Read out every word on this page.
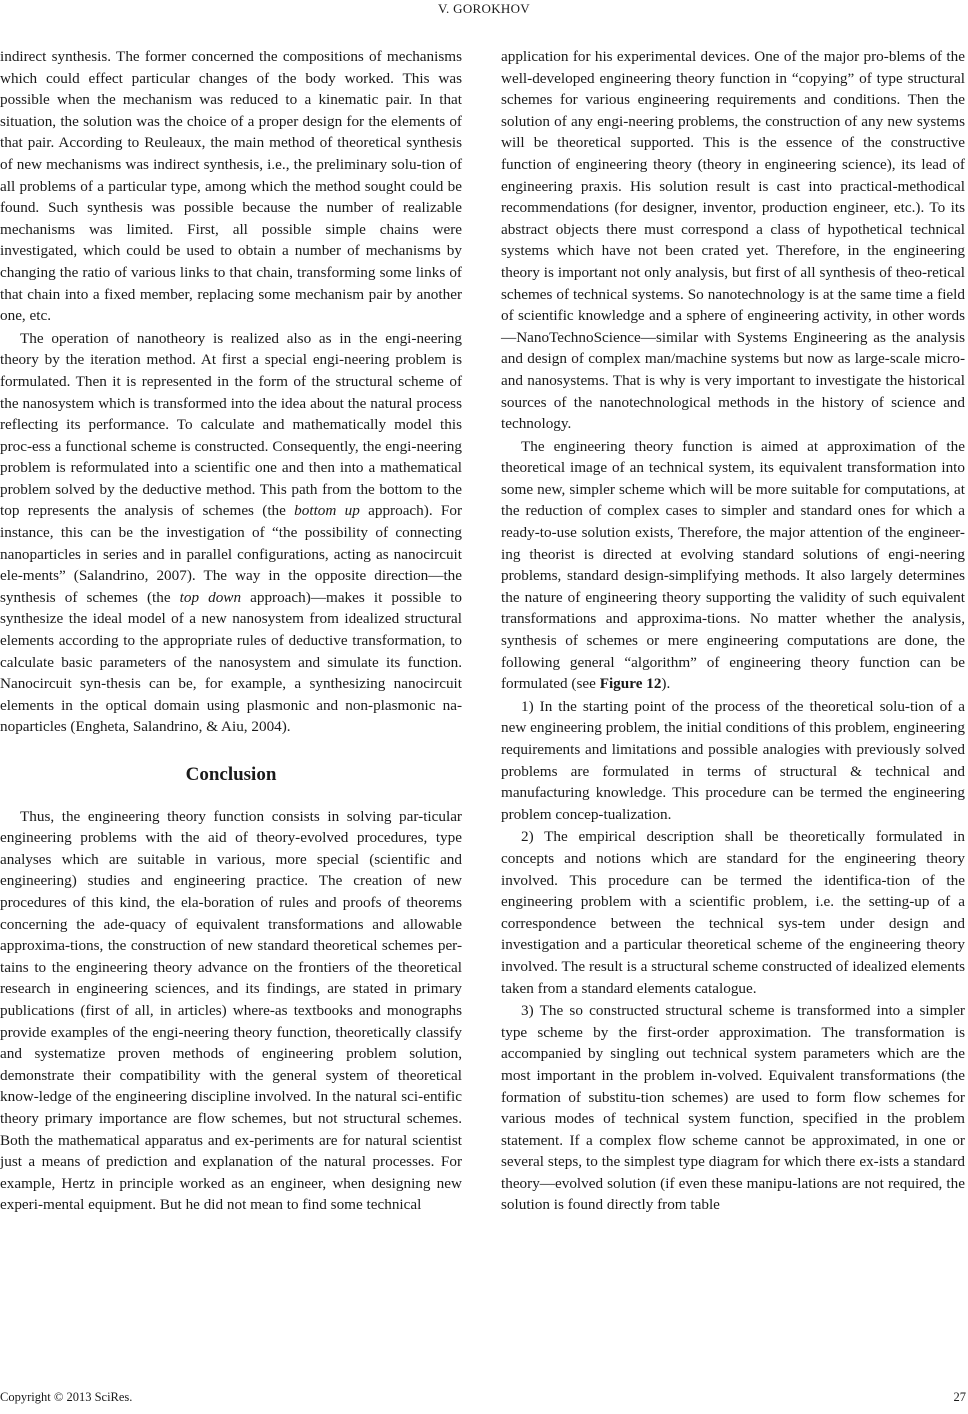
V. GOROKHOV

indirect synthesis. The former concerned the compositions of mechanisms which could effect particular changes of the body worked. This was possible when the mechanism was reduced to a kinematic pair. In that situation, the solution was the choice of a proper design for the elements of that pair. According to Reuleaux, the main method of theoretical synthesis of new mechanisms was indirect synthesis, i.e., the preliminary solu-tion of all problems of a particular type, among which the method sought could be found. Such synthesis was possible because the number of realizable mechanisms was limited. First, all possible simple chains were investigated, which could be used to obtain a number of mechanisms by changing the ratio of various links to that chain, transforming some links of that chain into a fixed member, replacing some mechanism pair by another one, etc.

The operation of nanotheory is realized also as in the engi-neering theory by the iteration method. At first a special engi-neering problem is formulated. Then it is represented in the form of the structural scheme of the nanosystem which is transformed into the idea about the natural process reflecting its performance. To calculate and mathematically model this proc-ess a functional scheme is constructed. Consequently, the engi-neering problem is reformulated into a scientific one and then into a mathematical problem solved by the deductive method. This path from the bottom to the top represents the analysis of schemes (the bottom up approach). For instance, this can be the investigation of “the possibility of connecting nanoparticles in series and in parallel configurations, acting as nanocircuit ele-ments” (Salandrino, 2007). The way in the opposite direction—the synthesis of schemes (the top down approach)—makes it possible to synthesize the ideal model of a new nanosystem from idealized structural elements according to the appropriate rules of deductive transformation, to calculate basic parameters of the nanosystem and simulate its function. Nanocircuit syn-thesis can be, for example, a synthesizing nanocircuit elements in the optical domain using plasmonic and non-plasmonic na-noparticles (Engheta, Salandrino, & Aiu, 2004).

Conclusion

Thus, the engineering theory function consists in solving par-ticular engineering problems with the aid of theory-evolved procedures, type analyses which are suitable in various, more special (scientific and engineering) studies and engineering practice. The creation of new procedures of this kind, the ela-boration of rules and proofs of theorems concerning the ade-quacy of equivalent transformations and allowable approxima-tions, the construction of new standard theoretical schemes per-tains to the engineering theory advance on the frontiers of the theoretical research in engineering sciences, and its findings, are stated in primary publications (first of all, in articles) where-as textbooks and monographs provide examples of the engi-neering theory function, theoretically classify and systematize proven methods of engineering problem solution, demonstrate their compatibility with the general system of theoretical know-ledge of the engineering discipline involved. In the natural sci-entific theory primary importance are flow schemes, but not structural schemes. Both the mathematical apparatus and ex-periments are for natural scientist just a means of prediction and explanation of the natural processes. For example, Hertz in principle worked as an engineer, when designing new experi-mental equipment. But he did not mean to find some technical

application for his experimental devices. One of the major pro-blems of the well-developed engineering theory function in “copying” of type structural schemes for various engineering requirements and conditions. Then the solution of any engi-neering problems, the construction of any new systems will be theoretical supported. This is the essence of the constructive function of engineering theory (theory in engineering science), its lead of engineering praxis. His solution result is cast into practical-methodical recommendations (for designer, inventor, production engineer, etc.). To its abstract objects there must correspond a class of hypothetical technical systems which have not been crated yet. Therefore, in the engineering theory is important not only analysis, but first of all synthesis of theo-retical schemes of technical systems. So nanotechnology is at the same time a field of scientific knowledge and a sphere of engineering activity, in other words—NanoTechnoScience—similar with Systems Engineering as the analysis and design of complex man/machine systems but now as large-scale micro- and nanosystems. That is why is very important to investigate the historical sources of the nanotechnological methods in the history of science and technology.

The engineering theory function is aimed at approximation of the theoretical image of an technical system, its equivalent transformation into some new, simpler scheme which will be more suitable for computations, at the reduction of complex cases to simpler and standard ones for which a ready-to-use solution exists, Therefore, the major attention of the engineer-ing theorist is directed at evolving standard solutions of engi-neering problems, standard design-simplifying methods. It also largely determines the nature of engineering theory supporting the validity of such equivalent transformations and approxima-tions. No matter whether the analysis, synthesis of schemes or mere engineering computations are done, the following general “algorithm” of engineering theory function can be formulated (see Figure 12).

1) In the starting point of the process of the theoretical solu-tion of a new engineering problem, the initial conditions of this problem, engineering requirements and limitations and possible analogies with previously solved problems are formulated in terms of structural & technical and manufacturing knowledge. This procedure can be termed the engineering problem concep-tualization.

2) The empirical description shall be theoretically formulated in concepts and notions which are standard for the engineering theory involved. This procedure can be termed the identifica-tion of the engineering problem with a scientific problem, i.e. the setting-up of a correspondence between the technical sys-tem under design and investigation and a particular theoretical scheme of the engineering theory involved. The result is a structural scheme constructed of idealized elements taken from a standard elements catalogue.

3) The so constructed structural scheme is transformed into a simpler type scheme by the first-order approximation. The transformation is accompanied by singling out technical system parameters which are the most important in the problem in-volved. Equivalent transformations (the formation of substitu-tion schemes) are used to form flow schemes for various modes of technical system function, specified in the problem statement. If a complex flow scheme cannot be approximated, in one or several steps, to the simplest type diagram for which there ex-ists a standard theory—evolved solution (if even these manipu-lations are not required, the solution is found directly from table

Copyright © 2013 SciRes.	27
